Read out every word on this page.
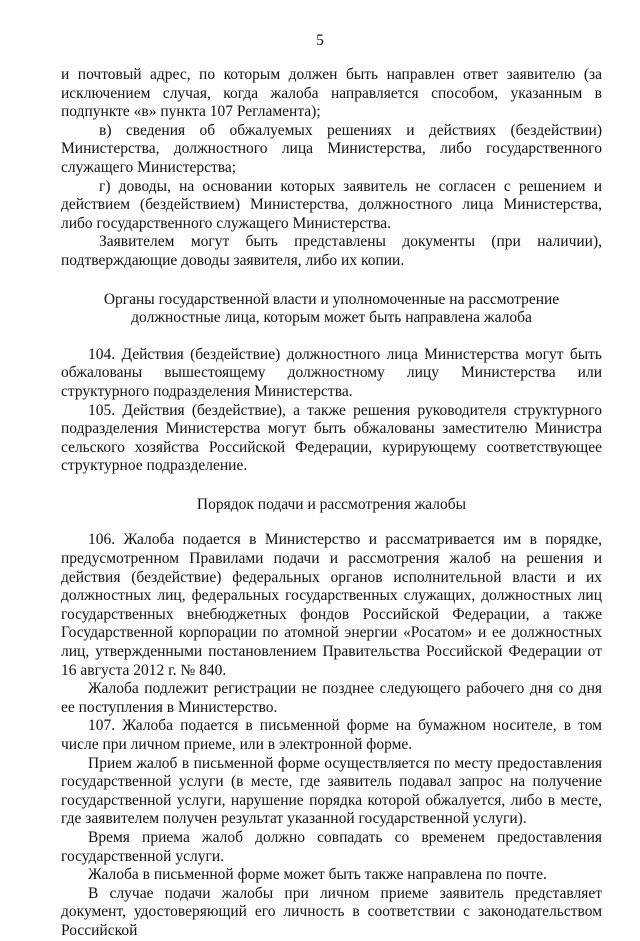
5

и почтовый адрес, по которым должен быть направлен ответ заявителю (за исключением случая, когда жалоба направляется способом, указанным в подпункте «в» пункта 107 Регламента);

в) сведения об обжалуемых решениях и действиях (бездействии) Министерства, должностного лица Министерства, либо государственного служащего Министерства;

г) доводы, на основании которых заявитель не согласен с решением и действием (бездействием) Министерства, должностного лица Министерства, либо государственного служащего Министерства.

Заявителем могут быть представлены документы (при наличии), подтверждающие доводы заявителя, либо их копии.

Органы государственной власти и уполномоченные на рассмотрение
должностные лица, которым может быть направлена жалоба

104. Действия (бездействие) должностного лица Министерства могут быть обжалованы вышестоящему должностному лицу Министерства или структурного подразделения Министерства.

105. Действия (бездействие), а также решения руководителя структурного подразделения Министерства могут быть обжалованы заместителю Министра сельского хозяйства Российской Федерации, курирующему соответствующее структурное подразделение.

Порядок подачи и рассмотрения жалобы

106. Жалоба подается в Министерство и рассматривается им в порядке, предусмотренном Правилами подачи и рассмотрения жалоб на решения и действия (бездействие) федеральных органов исполнительной власти и их должностных лиц, федеральных государственных служащих, должностных лиц государственных внебюджетных фондов Российской Федерации, а также Государственной корпорации по атомной энергии «Росатом» и ее должностных лиц, утвержденными постановлением Правительства Российской Федерации от 16 августа 2012 г. № 840.

Жалоба подлежит регистрации не позднее следующего рабочего дня со дня ее поступления в Министерство.

107. Жалоба подается в письменной форме на бумажном носителе, в том числе при личном приеме, или в электронной форме.

Прием жалоб в письменной форме осуществляется по месту предоставления государственной услуги (в месте, где заявитель подавал запрос на получение государственной услуги, нарушение порядка которой обжалуется, либо в месте, где заявителем получен результат указанной государственной услуги).

Время приема жалоб должно совпадать со временем предоставления государственной услуги.

Жалоба в письменной форме может быть также направлена по почте.

В случае подачи жалобы при личном приеме заявитель представляет документ, удостоверяющий его личность в соответствии с законодательством Российской
